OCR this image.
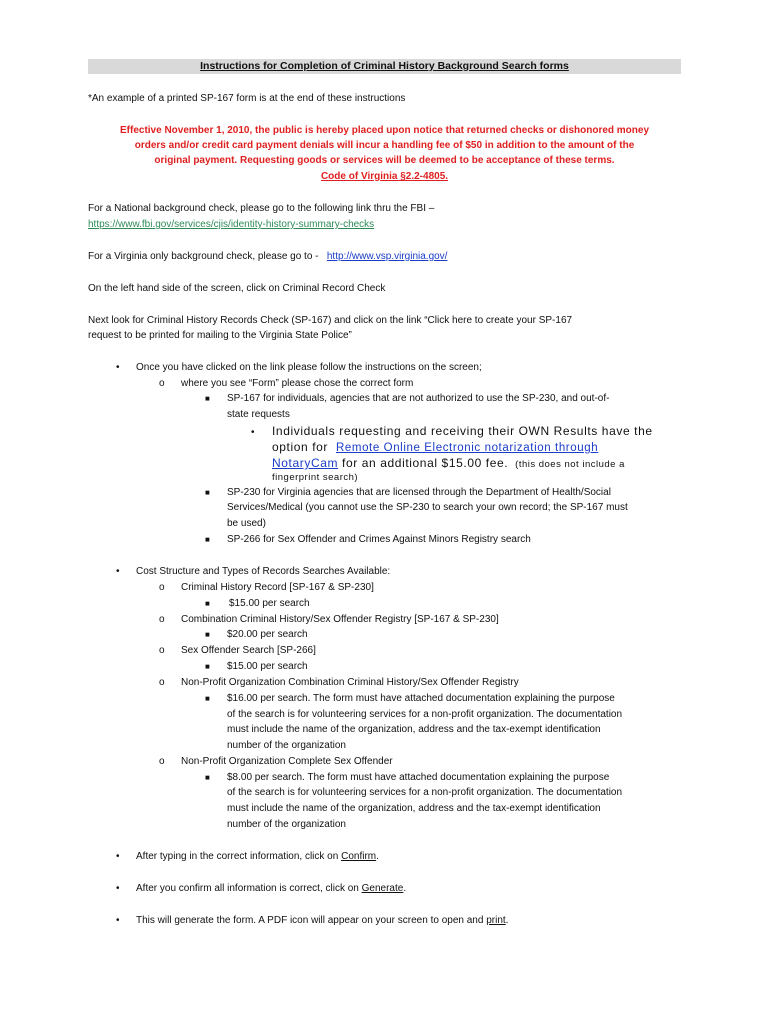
Instructions for Completion of Criminal History Background Search forms
*An example of a printed SP-167 form is at the end of these instructions
Effective November 1, 2010, the public is hereby placed upon notice that returned checks or dishonored money
orders and/or credit card payment denials will incur a handling fee of $50 in addition to the amount of the
original payment. Requesting goods or services will be deemed to be acceptance of these terms.
Code of Virginia §2.2-4805.
For a National background check, please go to the following link thru the FBI –
https://www.fbi.gov/services/cjis/identity-history-summary-checks
For a Virginia only background check, please go to - http://www.vsp.virginia.gov/
On the left hand side of the screen, click on Criminal Record Check
Next look for Criminal History Records Check (SP-167) and click on the link “Click here to create your SP-167
request to be printed for mailing to the Virginia State Police”
• Once you have clicked on the link please follow the instructions on the screen;
o where you see “Form” please chose the correct form
■ SP-167 for individuals, agencies that are not authorized to use the SP-230, and out-of-
state requests
• Individuals requesting and receiving their OWN Results have the
option for Remote Online Electronic notarization through
NotaryCam for an additional $15.00 fee. (this does not include a
fingerprint search)
■ SP-230 for Virginia agencies that are licensed through the Department of Health/Social
Services/Medical (you cannot use the SP-230 to search your own record; the SP-167 must
be used)
■ SP-266 for Sex Offender and Crimes Against Minors Registry search
• Cost Structure and Types of Records Searches Available:
o Criminal History Record [SP-167 & SP-230]
■ $15.00 per search
o Combination Criminal History/Sex Offender Registry [SP-167 & SP-230]
■ $20.00 per search
o Sex Offender Search [SP-266]
■ $15.00 per search
o Non-Profit Organization Combination Criminal History/Sex Offender Registry
■ $16.00 per search. The form must have attached documentation explaining the purpose
of the search is for volunteering services for a non-profit organization. The documentation
must include the name of the organization, address and the tax-exempt identification
number of the organization
o Non-Profit Organization Complete Sex Offender
■ $8.00 per search. The form must have attached documentation explaining the purpose
of the search is for volunteering services for a non-profit organization. The documentation
must include the name of the organization, address and the tax-exempt identification
number of the organization
• After typing in the correct information, click on Confirm.
• After you confirm all information is correct, click on Generate.
• This will generate the form. A PDF icon will appear on your screen to open and print.
